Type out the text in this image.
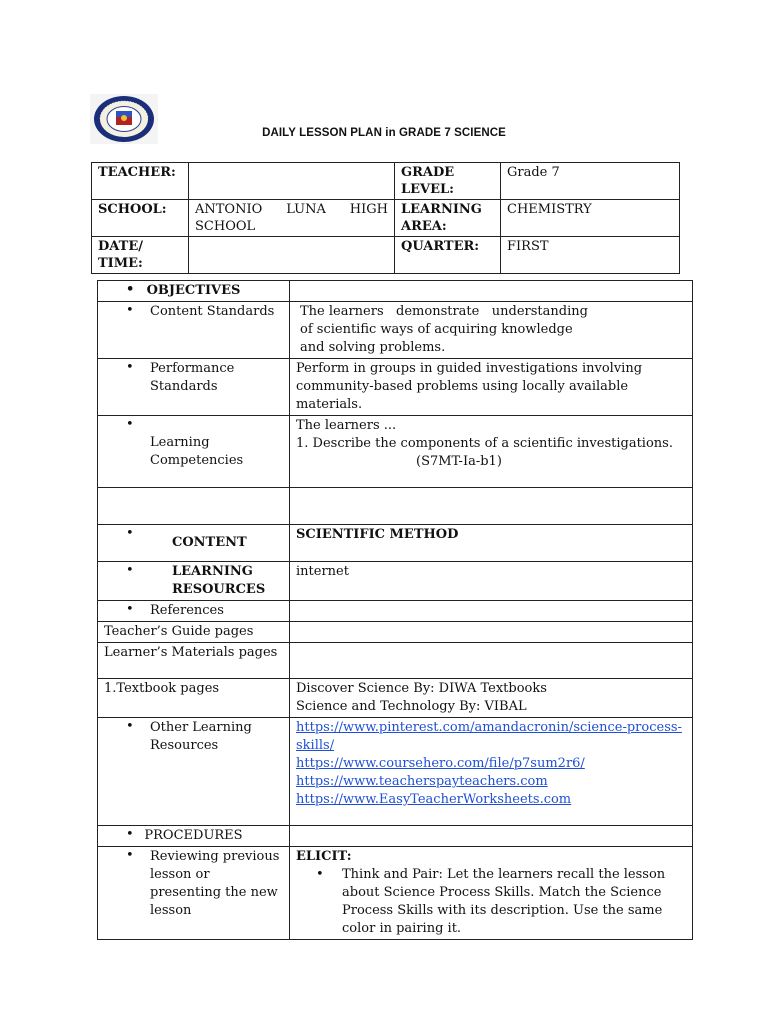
DAILY LESSON PLAN in GRADE 7 SCIENCE
TEACHER:		GRADE LEVEL:	Grade 7
SCHOOL:	ANTONIO LUNA HIGH SCHOOL	LEARNING AREA:	CHEMISTRY
DATE/ TIME:		QUARTER:	FIRST
• OBJECTIVES	
• Content Standards	The learners   demonstrate   understanding
of scientific ways of acquiring knowledge
and solving problems.

• Performance Standards	Perform in groups in guided investigations involving community-based problems using locally available materials.
• Learning Competencies	The learners ...
1. Describe the components of a scientific investigations.(S7MT-Ia-b1)

• CONTENT	SCIENTIFIC METHOD
• LEARNING RESOURCES	internet
• References	
Teacher’s Guide pages	
Learner’s Materials pages	
1.Textbook pages	Discover Science By: DIWA Textbooks
Science and Technology By: VIBAL

• Other Learning Resources	https://www.pinterest.com/amandacronin/science-process-skills/
https://www.coursehero.com/file/p7sum2r6/
https://www.teacherspayteachers.com
https://www.EasyTeacherWorksheets.com
• PROCEDURES	
• Reviewing previous lesson or presenting the new lesson	ELICIT:
• Think and Pair: Let the learners recall the lesson about Science Process Skills. Match the Science Process Skills with its description. Use the same color in pairing it.
